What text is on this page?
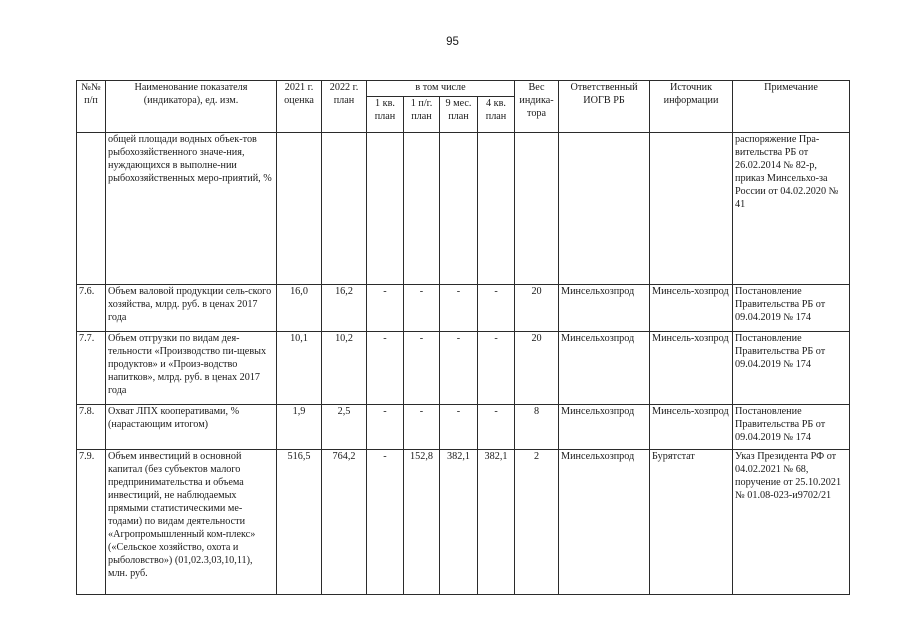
95
№№ п/п	Наименование показателя (индикатора), ед. изм.	2021 г. оценка	2022 г. план	в том числе				Вес индика-тора	Ответственный ИОГВ РБ	Источник информации	Примечание
				1 кв. план	1 п/г. план	9 мес. план	4 кв. план				
	общей площади водных объек-тов рыбохозяйственного значе-ния, нуждающихся в выполне-нии рыбохозяйственных меро-приятий, %										распоряжение Пра-вительства РБ от 26.02.2014 № 82-р, приказ Минсельхо-за России от 04.02.2020 № 41
7.6.	Объем валовой продукции сель-ского хозяйства, млрд. руб. в ценах 2017 года	16,0	16,2	-	-	-	-	20	Минсельхозпрод	Минсель-хозпрод	Постановление Правительства РБ от 09.04.2019 № 174
7.7.	Объем отгрузки по видам дея-тельности «Производство пи-щевых продуктов» и «Произ-водство напитков», млрд. руб. в ценах 2017 года	10,1	10,2	-	-	-	-	20	Минсельхозпрод	Минсель-хозпрод	Постановление Правительства РБ от 09.04.2019 № 174
7.8.	Охват ЛПХ кооперативами, % (нарастающим итогом)	1,9	2,5	-	-	-	-	8	Минсельхозпрод	Минсель-хозпрод	Постановление Правительства РБ от 09.04.2019 № 174
7.9.	Объем инвестиций в основной капитал (без субъектов малого предпринимательства и объема инвестиций, не наблюдаемых прямыми статистическими ме-тодами) по видам деятельности «Агропромышленный ком-плекс» («Сельское хозяйство, охота и рыболовство») (01,02.3,03,10,11), млн. руб.	516,5	764,2	-	152,8	382,1	382,1	2	Минсельхозпрод	Бурятстат	Указ Президента РФ от 04.02.2021 № 68, поручение от 25.10.2021 № 01.08-023-и9702/21
